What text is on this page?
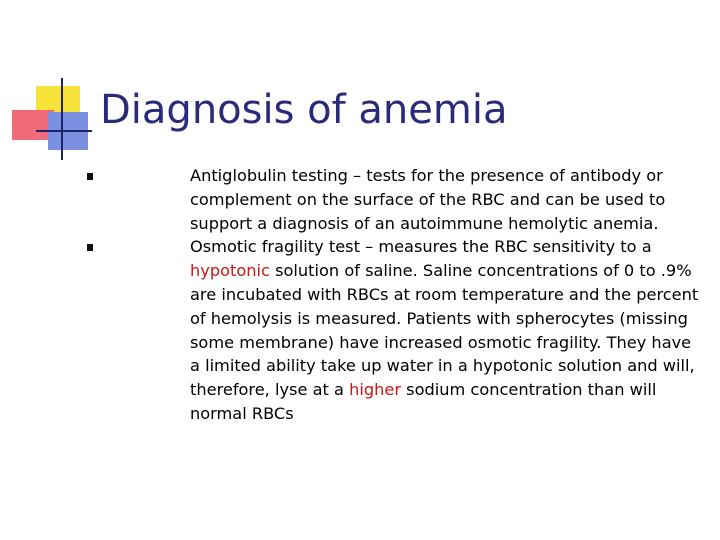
Diagnosis of anemia
Antiglobulin testing – tests for the presence of antibody or complement on the surface of the RBC and can be used to support a diagnosis of an autoimmune hemolytic anemia.
Osmotic fragility test – measures the RBC sensitivity to a hypotonic solution of saline. Saline concentrations of 0 to .9% are incubated with RBCs at room temperature and the percent of hemolysis is measured. Patients with spherocytes (missing some membrane) have increased osmotic fragility. They have a limited ability take up water in a hypotonic solution and will, therefore, lyse at a higher sodium concentration than will normal RBCs
